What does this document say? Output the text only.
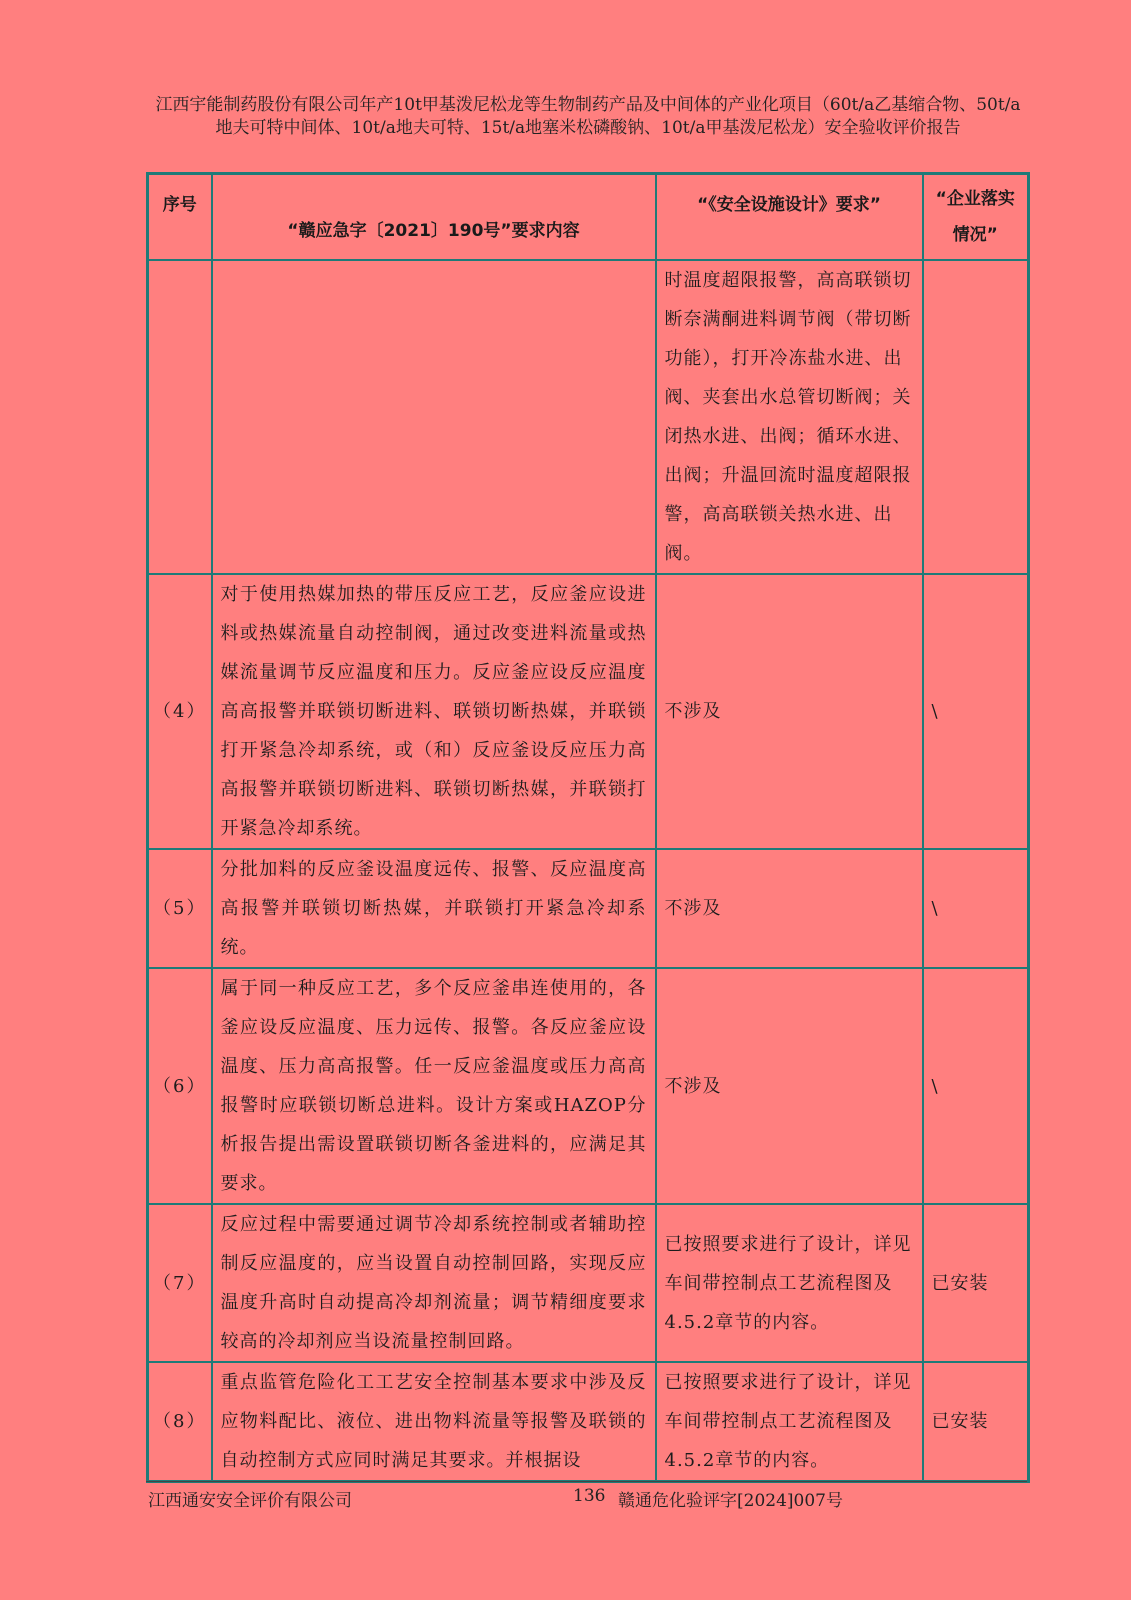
江西宇能制药股份有限公司年产10t甲基泼尼松龙等生物制药产品及中间体的产业化项目（60t/a乙基缩合物、50t/a地夫可特中间体、10t/a地夫可特、15t/a地塞米松磷酸钠、10t/a甲基泼尼松龙）安全验收评价报告
序号	“赣应急字〔2021〕190号”要求内容	“《安全设施设计》要求”	“企业落实情况”
		时温度超限报警，高高联锁切断奈满酮进料调节阀（带切断功能），打开冷冻盐水进、出阀、夹套出水总管切断阀；关闭热水进、出阀；循环水进、出阀；升温回流时温度超限报警，高高联锁关热水进、出阀。	
（4）	对于使用热媒加热的带压反应工艺，反应釜应设进料或热媒流量自动控制阀，通过改变进料流量或热媒流量调节反应温度和压力。反应釜应设反应温度高高报警并联锁切断进料、联锁切断热媒，并联锁打开紧急冷却系统，或（和）反应釜设反应压力高高报警并联锁切断进料、联锁切断热媒，并联锁打开紧急冷却系统。	不涉及	\
（5）	分批加料的反应釜设温度远传、报警、反应温度高高报警并联锁切断热媒，并联锁打开紧急冷却系统。	不涉及	\
（6）	属于同一种反应工艺，多个反应釜串连使用的，各釜应设反应温度、压力远传、报警。各反应釜应设温度、压力高高报警。任一反应釜温度或压力高高报警时应联锁切断总进料。设计方案或HAZOP分析报告提出需设置联锁切断各釜进料的，应满足其要求。	不涉及	\
（7）	反应过程中需要通过调节冷却系统控制或者辅助控制反应温度的，应当设置自动控制回路，实现反应温度升高时自动提高冷却剂流量；调节精细度要求较高的冷却剂应当设流量控制回路。	已按照要求进行了设计，详见车间带控制点工艺流程图及4.5.2章节的内容。	已安装
（8）	重点监管危险化工工艺安全控制基本要求中涉及反应物料配比、液位、进出物料流量等报警及联锁的自动控制方式应同时满足其要求。并根据设	已按照要求进行了设计，详见车间带控制点工艺流程图及4.5.2章节的内容。	已安装
江西通安安全评价有限公司	136 赣通危化验评字[2024]007号
